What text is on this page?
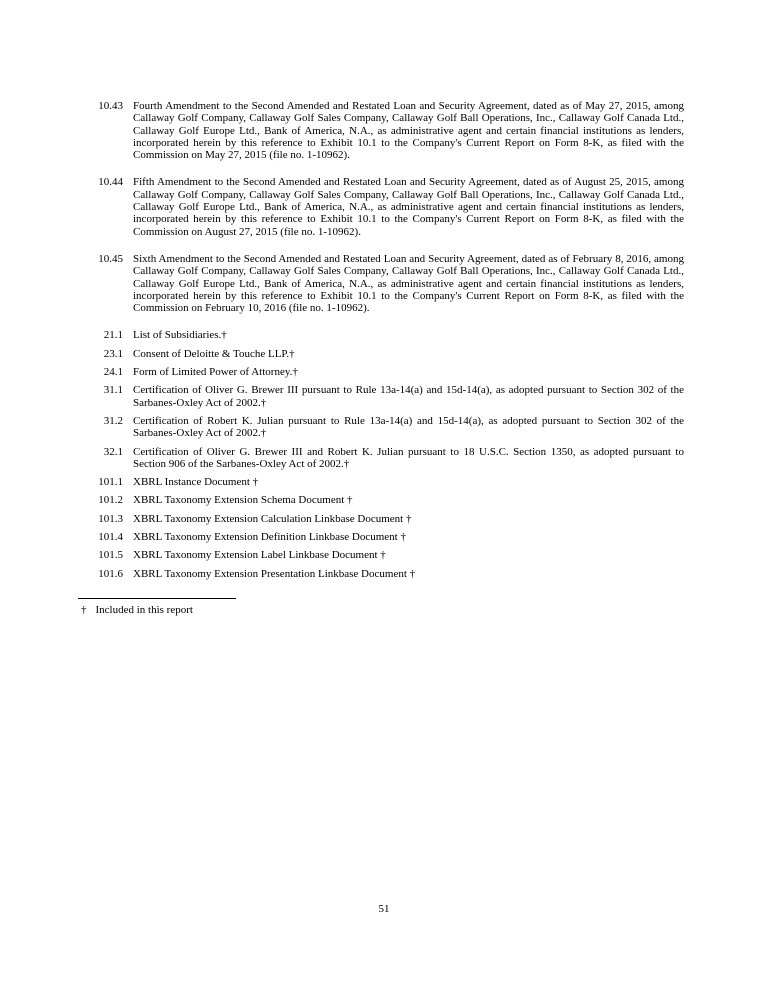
10.43 Fourth Amendment to the Second Amended and Restated Loan and Security Agreement, dated as of May 27, 2015, among Callaway Golf Company, Callaway Golf Sales Company, Callaway Golf Ball Operations, Inc., Callaway Golf Canada Ltd., Callaway Golf Europe Ltd., Bank of America, N.A., as administrative agent and certain financial institutions as lenders, incorporated herein by this reference to Exhibit 10.1 to the Company's Current Report on Form 8-K, as filed with the Commission on May 27, 2015 (file no. 1-10962).
10.44 Fifth Amendment to the Second Amended and Restated Loan and Security Agreement, dated as of August 25, 2015, among Callaway Golf Company, Callaway Golf Sales Company, Callaway Golf Ball Operations, Inc., Callaway Golf Canada Ltd., Callaway Golf Europe Ltd., Bank of America, N.A., as administrative agent and certain financial institutions as lenders, incorporated herein by this reference to Exhibit 10.1 to the Company's Current Report on Form 8-K, as filed with the Commission on August 27, 2015 (file no. 1-10962).
10.45 Sixth Amendment to the Second Amended and Restated Loan and Security Agreement, dated as of February 8, 2016, among Callaway Golf Company, Callaway Golf Sales Company, Callaway Golf Ball Operations, Inc., Callaway Golf Canada Ltd., Callaway Golf Europe Ltd., Bank of America, N.A., as administrative agent and certain financial institutions as lenders, incorporated herein by this reference to Exhibit 10.1 to the Company's Current Report on Form 8-K, as filed with the Commission on February 10, 2016 (file no. 1-10962).
21.1 List of Subsidiaries.†
23.1 Consent of Deloitte & Touche LLP.†
24.1 Form of Limited Power of Attorney.†
31.1 Certification of Oliver G. Brewer III pursuant to Rule 13a-14(a) and 15d-14(a), as adopted pursuant to Section 302 of the Sarbanes-Oxley Act of 2002.†
31.2 Certification of Robert K. Julian pursuant to Rule 13a-14(a) and 15d-14(a), as adopted pursuant to Section 302 of the Sarbanes-Oxley Act of 2002.†
32.1 Certification of Oliver G. Brewer III and Robert K. Julian pursuant to 18 U.S.C. Section 1350, as adopted pursuant to Section 906 of the Sarbanes-Oxley Act of 2002.†
101.1 XBRL Instance Document †
101.2 XBRL Taxonomy Extension Schema Document †
101.3 XBRL Taxonomy Extension Calculation Linkbase Document †
101.4 XBRL Taxonomy Extension Definition Linkbase Document †
101.5 XBRL Taxonomy Extension Label Linkbase Document †
101.6 XBRL Taxonomy Extension Presentation Linkbase Document †
† Included in this report
51
